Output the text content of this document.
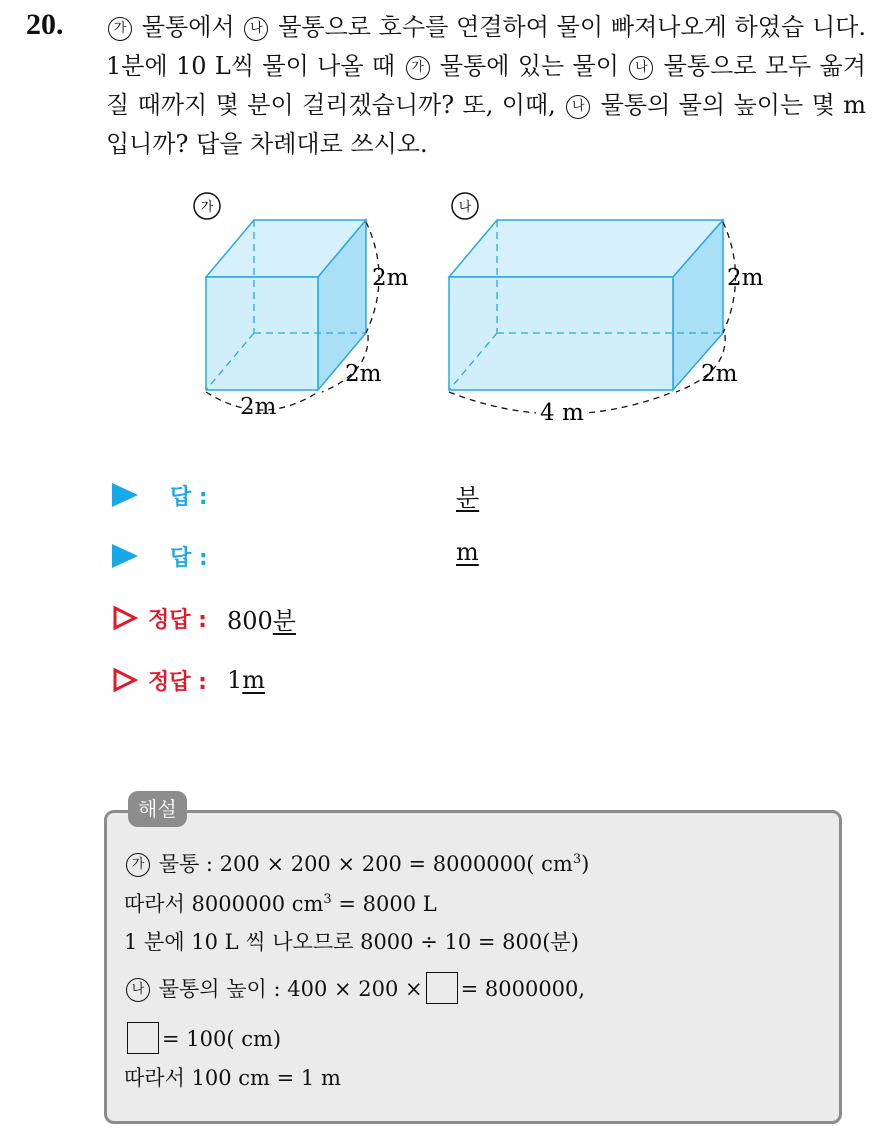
20.	가 물통에서 나 물통으로 호수를 연결하여 물이 빠져나오게 하였습 니다. 1분에 10 L씩 물이 나올 때 가 물통에 있는 물이 나 물통으로 모두 옮겨질 때까지 몇 분이 걸리겠습니까? 또, 이때, 나 물통의 물의 높이는 몇 m입니까? 답을 차례대로 쓰시오.
가
2m
2m
2m
나
2m
2m
4 m
답 :	분
답 :	m
정답 : 800분
정답 : 1m
해설
가 물통 : 200 × 200 × 200 = 8000000( $cm^3$)
따라서 8000000 $cm^3 = 8000$ L
1 분에 10 L 씩 나오므로 8000 ÷ 10 = 800(분)
나 물통의 높이 : 400 × 200 × = 8000000,
= 100( cm)
따라서 100 cm = 1 m
